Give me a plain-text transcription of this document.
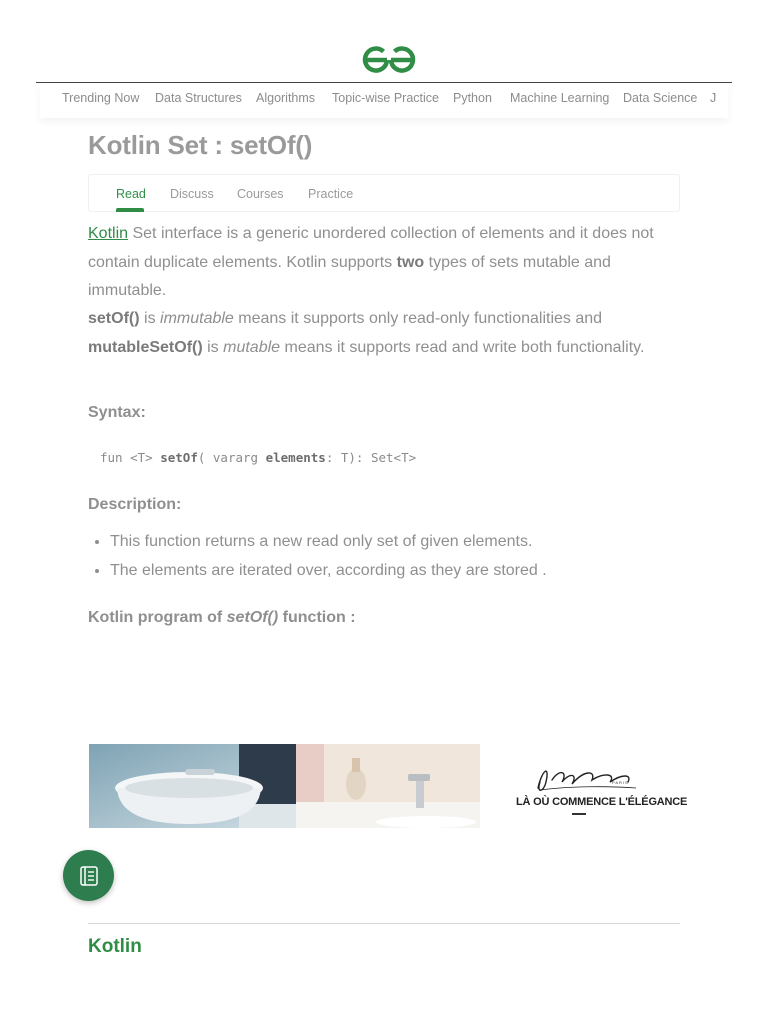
Trending Now Data Structures Algorithms Topic-wise Practice Python Machine Learning Data Science J
Kotlin Set : setOf()
Read Discuss Courses Practice

Kotlin Set interface is a generic unordered collection of elements and it does not contain duplicate elements. Kotlin supports two types of sets mutable and immutable.

setOf() is immutable means it supports only read-only functionalities and
mutableSetOf() is mutable means it supports read and write both functionality.

Syntax:
fun <T> setOf( vararg elements: T): Set<T>
Description:
• This function returns a new read only set of given elements.
• The elements are iterated over, according as they are stored .
Kotlin program of setOf() function :
PARIS
LÀ OÙ COMMENCE L'ÉLÉGANCE
Kotlin
